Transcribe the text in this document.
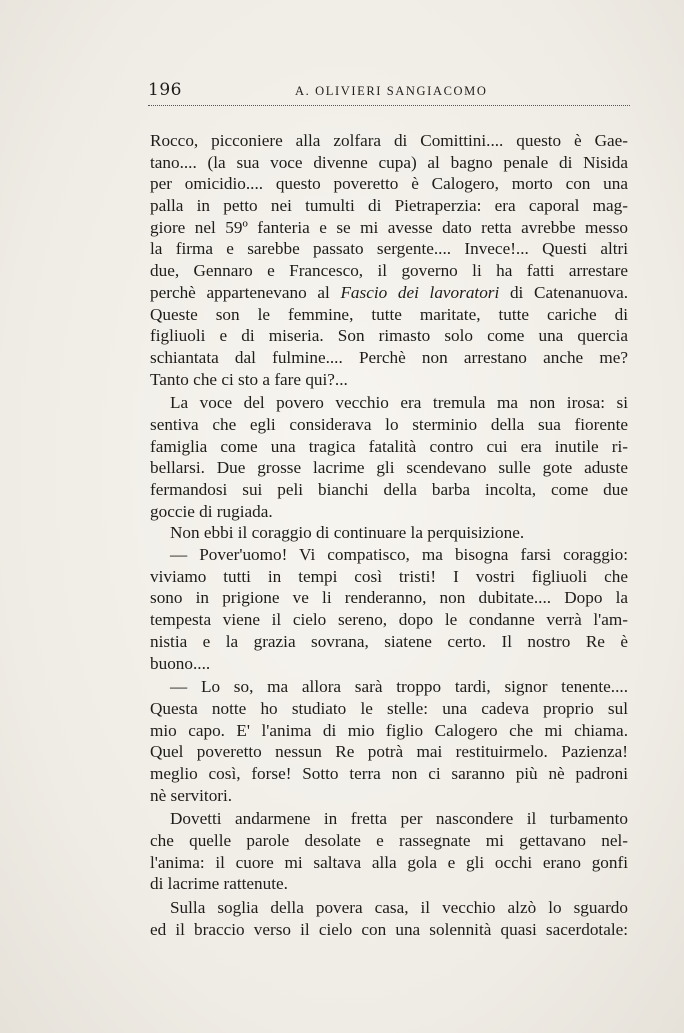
196	A. OLIVIERI SANGIACOMO
Rocco, picconiere alla zolfara di Comittini.... questo è Gae-
tano.... (la sua voce divenne cupa) al bagno penale di Nisida
per omicidio.... questo poveretto è Calogero, morto con una
palla in petto nei tumulti di Pietraperzia: era caporal mag-
giore nel 59º fanteria e se mi avesse dato retta avrebbe messo
la firma e sarebbe passato sergente.... Invece!... Questi altri
due, Gennaro e Francesco, il governo li ha fatti arrestare
perchè appartenevano al Fascio dei lavoratori di Catenanuova.
Queste son le femmine, tutte maritate, tutte cariche di
figliuoli e di miseria. Son rimasto solo come una quercia
schiantata dal fulmine.... Perchè non arrestano anche me?
Tanto che ci sto a fare qui?...
La voce del povero vecchio era tremula ma non irosa: si
sentiva che egli considerava lo sterminio della sua fiorente
famiglia come una tragica fatalità contro cui era inutile ri-
bellarsi. Due grosse lacrime gli scendevano sulle gote aduste
fermandosi sui peli bianchi della barba incolta, come due
goccie di rugiada.
Non ebbi il coraggio di continuare la perquisizione.
— Pover'uomo! Vi compatisco, ma bisogna farsi coraggio:
viviamo tutti in tempi così tristi! I vostri figliuoli che
sono in prigione ve li renderanno, non dubitate.... Dopo la
tempesta viene il cielo sereno, dopo le condanne verrà l'am-
nistia e la grazia sovrana, siatene certo. Il nostro Re è
buono....
— Lo so, ma allora sarà troppo tardi, signor tenente....
Questa notte ho studiato le stelle: una cadeva proprio sul
mio capo. E' l'anima di mio figlio Calogero che mi chiama.
Quel poveretto nessun Re potrà mai restituirmelo. Pazienza!
meglio così, forse! Sotto terra non ci saranno più nè padroni
nè servitori.
Dovetti andarmene in fretta per nascondere il turbamento
che quelle parole desolate e rassegnate mi gettavano nel-
l'anima: il cuore mi saltava alla gola e gli occhi erano gonfi
di lacrime rattenute.
Sulla soglia della povera casa, il vecchio alzò lo sguardo
ed il braccio verso il cielo con una solennità quasi sacerdotale:
